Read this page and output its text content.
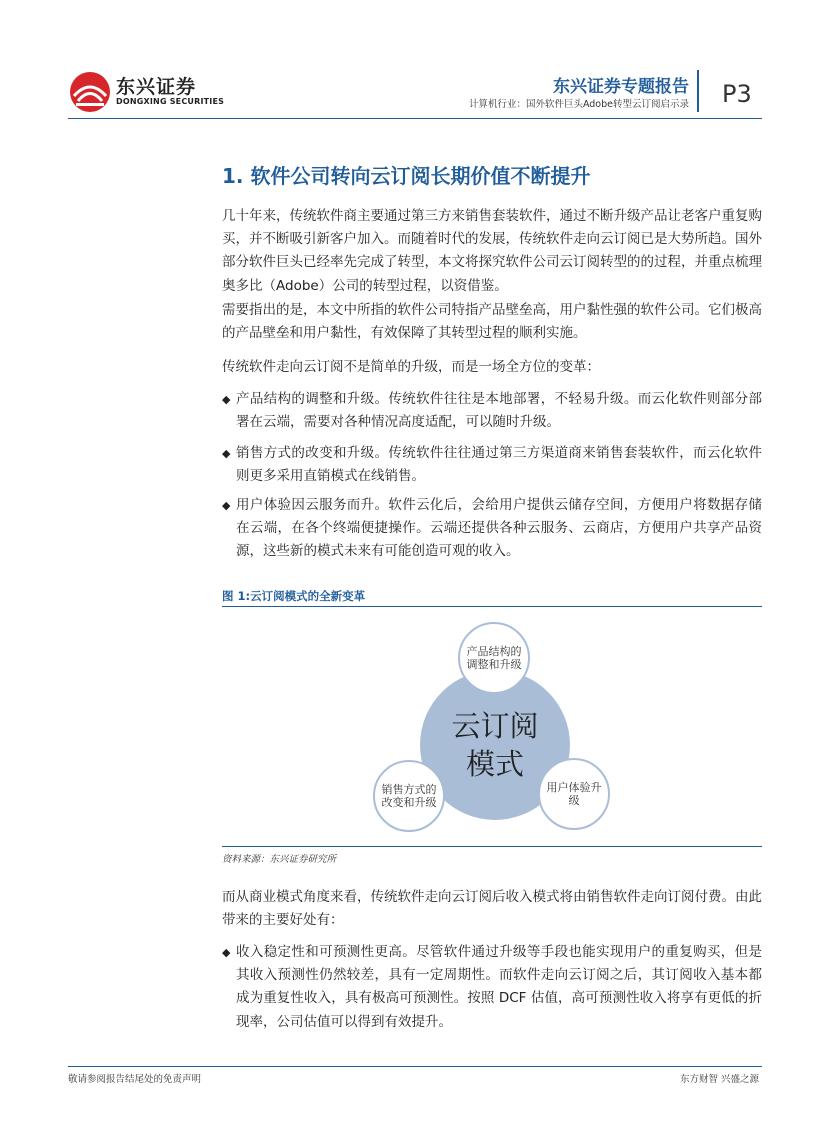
东兴证券
DONGXING SECURITIES
东兴证券专题报告
计算机行业：国外软件巨头Adobe转型云订阅启示录 P3
1. 软件公司转向云订阅长期价值不断提升
几十年来，传统软件商主要通过第三方来销售套装软件，通过不断升级产品让老客户重复购买，并不断吸引新客户加入。而随着时代的发展，传统软件走向云订阅已是大势所趋。国外部分软件巨头已经率先完成了转型，本文将探究软件公司云订阅转型的的过程，并重点梳理奥多比（Adobe）公司的转型过程，以资借鉴。
需要指出的是，本文中所指的软件公司特指产品壁垒高，用户黏性强的软件公司。它们极高的产品壁垒和用户黏性，有效保障了其转型过程的顺利实施。
传统软件走向云订阅不是简单的升级，而是一场全方位的变革：
◆ 产品结构的调整和升级。传统软件往往是本地部署，不轻易升级。而云化软件则部分部署在云端，需要对各种情况高度适配，可以随时升级。
◆ 销售方式的改变和升级。传统软件往往通过第三方渠道商来销售套装软件，而云化软件则更多采用直销模式在线销售。
◆ 用户体验因云服务而升。软件云化后，会给用户提供云储存空间，方便用户将数据存储在云端，在各个终端便捷操作。云端还提供各种云服务、云商店，方便用户共享产品资源，这些新的模式未来有可能创造可观的收入。
图 1:云订阅模式的全新变革
云订阅
模式
产品结构的调整和升级
销售方式的改变和升级
用户体验升级
资料来源：东兴证券研究所
而从商业模式角度来看，传统软件走向云订阅后收入模式将由销售软件走向订阅付费。由此带来的主要好处有：
◆ 收入稳定性和可预测性更高。尽管软件通过升级等手段也能实现用户的重复购买，但是其收入预测性仍然较差，具有一定周期性。而软件走向云订阅之后，其订阅收入基本都成为重复性收入，具有极高可预测性。按照 DCF 估值，高可预测性收入将享有更低的折现率，公司估值可以得到有效提升。
敬请参阅报告结尾处的免责声明	东方财智 兴盛之源
